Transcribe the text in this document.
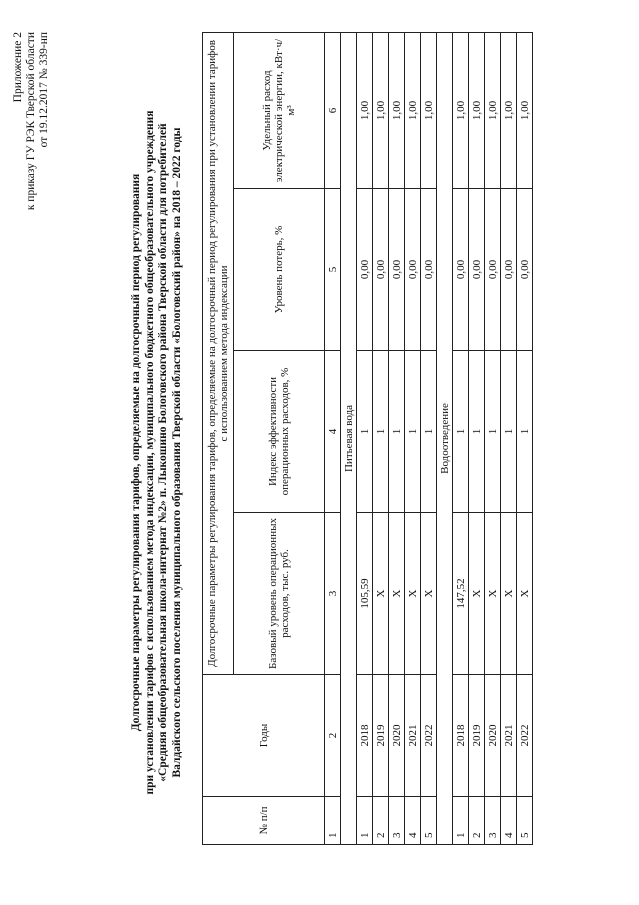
Приложение 2 к приказу ГУ РЭК Тверской области от 19.12.2017 № 339-нп
Долгосрочные параметры регулирования тарифов, определяемые на долгосрочный период регулирования при установлении тарифов с использованием метода индексации, муниципального бюджетного общеобразовательного учреждения «Средняя общеобразовательная школа-интернат №2» п. Лыкошино Бологовского района Тверской области для потребителей Валдайского сельского поселения муниципального образования Тверской области «Бологовский район» на 2018 – 2022 годы
№ п/п	Годы	Долгосрочные параметры регулирования тарифов, определяемые на долгосрочный период регулирования при установлении тарифов с использованием метода индексации			
		Базовый уровень операционных расходов, тыс. руб.	Индекс эффективности операционных расходов, %	Уровень потерь, %	Удельный расход электрической энергии, кВт·ч/м³
1	2	3	4	5	6
Питьевая вода					
1	2018	105,59	1	0,00	1,00
2	2019	Х	1	0,00	1,00
3	2020	Х	1	0,00	1,00
4	2021	Х	1	0,00	1,00
5	2022	Х	1	0,00	1,00
Водоотведение					
1	2018	147,52	1	0,00	1,00
2	2019	Х	1	0,00	1,00
3	2020	Х	1	0,00	1,00
4	2021	Х	1	0,00	1,00
5	2022	Х	1	0,00	1,00
